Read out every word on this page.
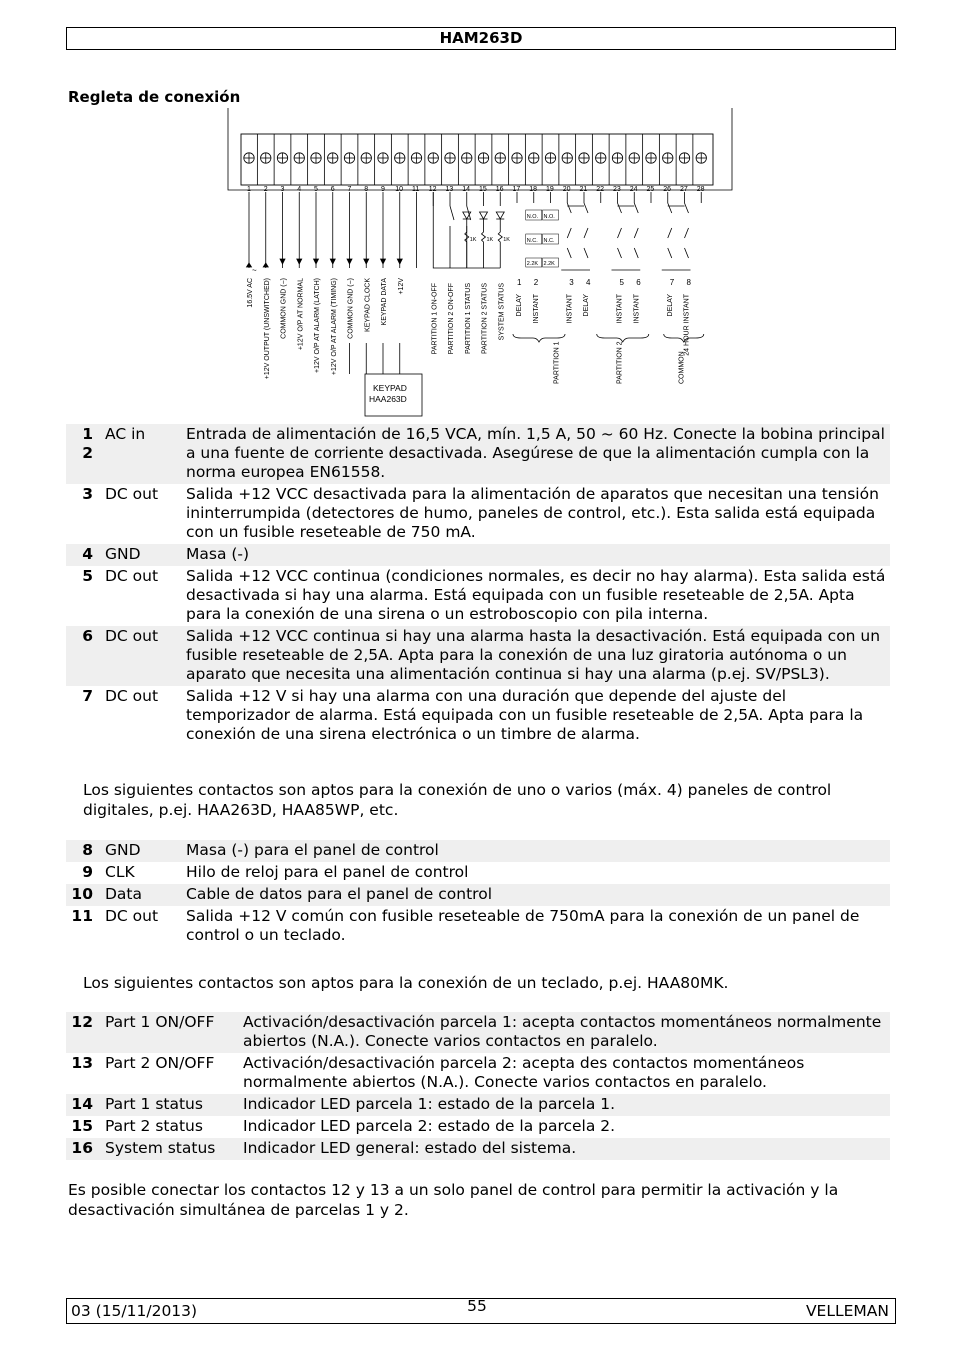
HAM263D
Regleta de conexión
1 2 3 4 5 6 7 8 9 10 11 12 13 14 15 16 17 18 19 20 21 22 23 24 25 26 27 28
~
16.5V AC +12V OUTPUT (UNSWITCHED) COMMON GND (−) +12V O/P AT NORMAL +12V O/P AT ALARM (LATCH) +12V O/P AT ALARM (TIMING) COMMON GND (−) KEYPAD CLOCK KEYPAD DATA +12V
KEYPAD
HAA263D
1K 1K 1K
PARTITION 1 ON-OFF PARTITION 2 ON-OFF PARTITION 1 STATUS PARTITION 2 STATUS SYSTEM STATUS
N.O.
N.C.
2.2K
N.O.
N.C.
2.2K
1 2	3 4	5 6	7 8
DELAY INSTANT	INSTANT DELAY	INSTANT INSTANT	DELAY 24 HOUR INSTANT
PARTITION 1	PARTITION 2	COMMON
1
2	AC in	Entrada de alimentación de 16,5 VCA, mín. 1,5 A, 50 ~ 60 Hz. Conecte la bobina principal a una fuente de corriente desactivada. Asegúrese de que la alimentación cumpla con la norma europea EN61558.
3	DC out	Salida +12 VCC desactivada para la alimentación de aparatos que necesitan una tensión ininterrumpida (detectores de humo, paneles de control, etc.). Esta salida está equipada con un fusible reseteable de 750 mA.
4	GND	Masa (-)
5	DC out	Salida +12 VCC continua (condiciones normales, es decir no hay alarma). Esta salida está desactivada si hay una alarma. Está equipada con un fusible reseteable de 2,5A. Apta para la conexión de una sirena o un estroboscopio con pila interna.
6	DC out	Salida +12 VCC continua si hay una alarma hasta la desactivación. Está equipada con un fusible reseteable de 2,5A. Apta para la conexión de una luz giratoria autónoma o un aparato que necesita una alimentación continua si hay una alarma (p.ej. SV/PSL3).
7	DC out	Salida +12 V si hay una alarma con una duración que depende del ajuste del temporizador de alarma. Está equipada con un fusible reseteable de 2,5A. Apta para la conexión de una sirena electrónica o un timbre de alarma.
Los siguientes contactos son aptos para la conexión de uno o varios (máx. 4) paneles de control digitales, p.ej. HAA263D, HAA85WP, etc.
8	GND	Masa (-) para el panel de control
9	CLK	Hilo de reloj para el panel de control
10	Data	Cable de datos para el panel de control
11	DC out	Salida +12 V común con fusible reseteable de 750mA para la conexión de un panel de control o un teclado.
Los siguientes contactos son aptos para la conexión de un teclado, p.ej. HAA80MK.
12	Part 1 ON/OFF	Activación/desactivación parcela 1: acepta contactos momentáneos normalmente abiertos (N.A.). Conecte varios contactos en paralelo.
13	Part 2 ON/OFF	Activación/desactivación parcela 2: acepta des contactos momentáneos normalmente abiertos (N.A.). Conecte varios contactos en paralelo.
14	Part 1 status	Indicador LED parcela 1: estado de la parcela 1.
15	Part 2 status	Indicador LED parcela 2: estado de la parcela 2.
16	System status	Indicador LED general: estado del sistema.
Es posible conectar los contactos 12 y 13 a un solo panel de control para permitir la activación y la desactivación simultánea de parcelas 1 y 2.
03 (15/11/2013)	VELLEMAN
55
